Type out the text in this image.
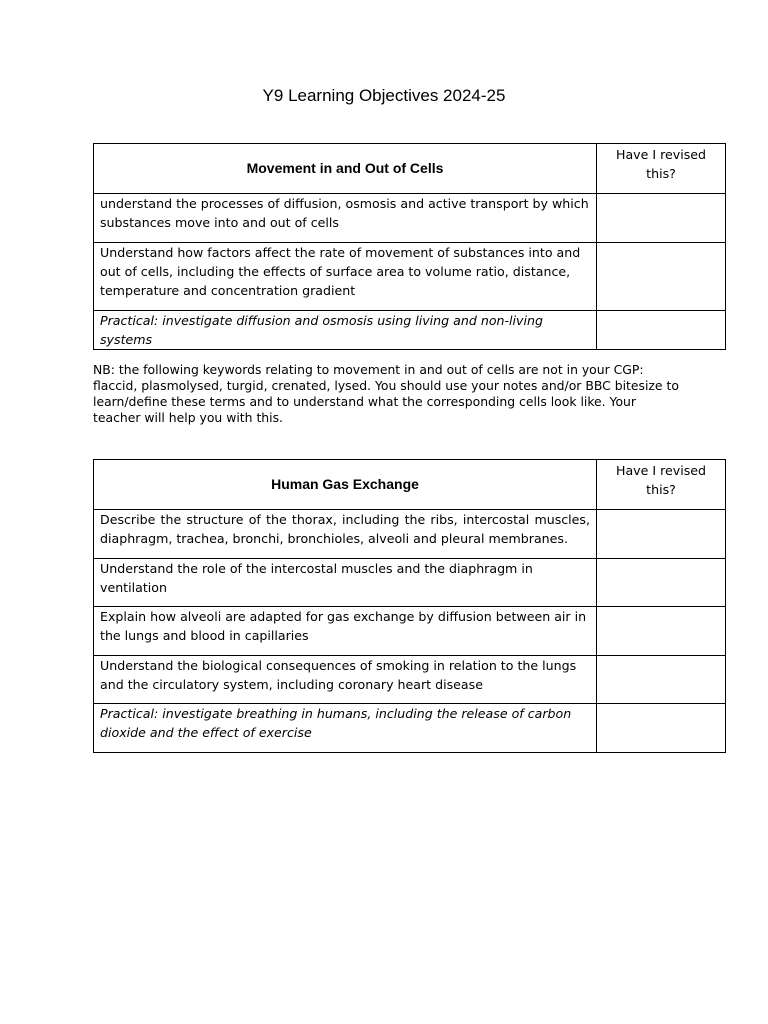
Y9 Learning Objectives 2024-25
Movement in and Out of Cells	Have I revised this?
understand the processes of diffusion, osmosis and active transport by which substances move into and out of cells	
Understand how factors affect the rate of movement of substances into and out of cells, including the effects of surface area to volume ratio, distance, temperature and concentration gradient	
Practical: investigate diffusion and osmosis using living and non-living systems	
NB: the following keywords relating to movement in and out of cells are not in your CGP: flaccid, plasmolysed, turgid, crenated, lysed. You should use your notes and/or BBC bitesize to learn/define these terms and to understand what the corresponding cells look like. Your teacher will help you with this.
Human Gas Exchange	Have I revised this?
Describe the structure of the thorax, including the ribs, intercostal muscles, diaphragm, trachea, bronchi, bronchioles, alveoli and pleural membranes.	
Understand the role of the intercostal muscles and the diaphragm in ventilation	
Explain how alveoli are adapted for gas exchange by diffusion between air in the lungs and blood in capillaries	
Understand the biological consequences of smoking in relation to the lungs and the circulatory system, including coronary heart disease	
Practical: investigate breathing in humans, including the release of carbon dioxide and the effect of exercise	
